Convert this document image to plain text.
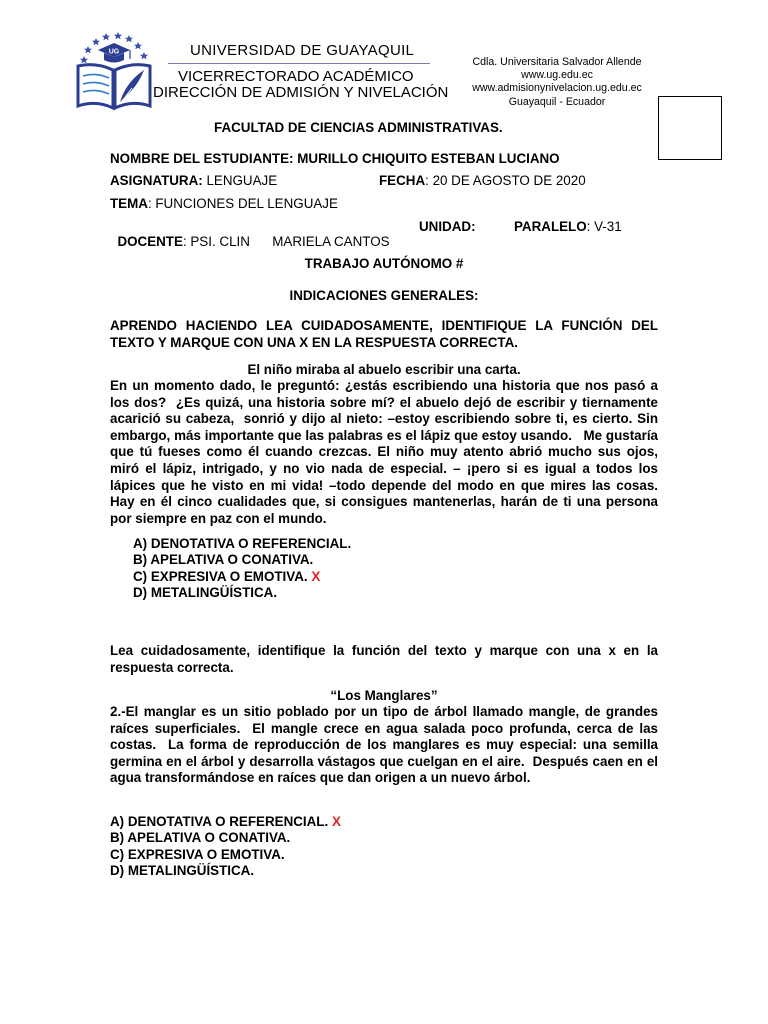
UG	UNIVERSIDAD DE GUAYAQUIL
VICERRECTORADO ACADÉMICO
DIRECCIÓN DE ADMISIÓN Y NIVELACIÓN
Cdla. Universitaria Salvador Allende
www.ug.edu.ec
www.admisionynivelacion.ug.edu.ec
Guayaquil - Ecuador
FACULTAD DE CIENCIAS ADMINISTRATIVAS.
NOMBRE DEL ESTUDIANTE: MURILLO CHIQUITO ESTEBAN LUCIANO
ASIGNATURA: LENGUAJE	FECHA: 20 DE AGOSTO DE 2020
TEMA: FUNCIONES DEL LENGUAJE

DOCENTE: PSI. CLIN      MARIELA CANTOS

UNIDAD:	PARALELO: V-31
TRABAJO AUTÓNOMO #
INDICACIONES GENERALES:
APRENDO HACIENDO LEA CUIDADOSAMENTE, IDENTIFIQUE LA FUNCIÓN DEL TEXTO Y MARQUE CON UNA X EN LA RESPUESTA CORRECTA.
El niño miraba al abuelo escribir una carta.
En un momento dado, le preguntó: ¿estás escribiendo una historia que nos pasó a los dos?  ¿Es quizá, una historia sobre mí? el abuelo dejó de escribir y tiernamente acarició su cabeza,  sonrió y dijo al nieto: –estoy escribiendo sobre ti, es cierto. Sin embargo, más importante que las palabras es el lápiz que estoy usando.   Me gustaría que tú fueses como él cuando crezcas. El niño muy atento abrió mucho sus ojos, miró el lápiz, intrigado, y no vio nada de especial. – ¡pero si es igual a todos los lápices que he visto en mi vida! –todo depende del modo en que mires las cosas.     Hay en él cinco cualidades que, si consigues mantenerlas, harán de ti una persona por siempre en paz con el mundo.
A) DENOTATIVA O REFERENCIAL.
B) APELATIVA O CONATIVA.
C) EXPRESIVA O EMOTIVA. X
D) METALINGÜÍSTICA.
Lea cuidadosamente, identifique la función del texto y marque con una x en la respuesta correcta.
“Los Manglares”
2.-El manglar es un sitio poblado por un tipo de árbol llamado mangle, de grandes raíces superficiales.  El mangle crece en agua salada poco profunda, cerca de las costas.  La forma de reproducción de los manglares es muy especial: una semilla germina en el árbol y desarrolla vástagos que cuelgan en el aire.  Después caen en el agua transformándose en raíces que dan origen a un nuevo árbol.
A) DENOTATIVA O REFERENCIAL. X
B) APELATIVA O CONATIVA.
C) EXPRESIVA O EMOTIVA.
D) METALINGÜÍSTICA.
